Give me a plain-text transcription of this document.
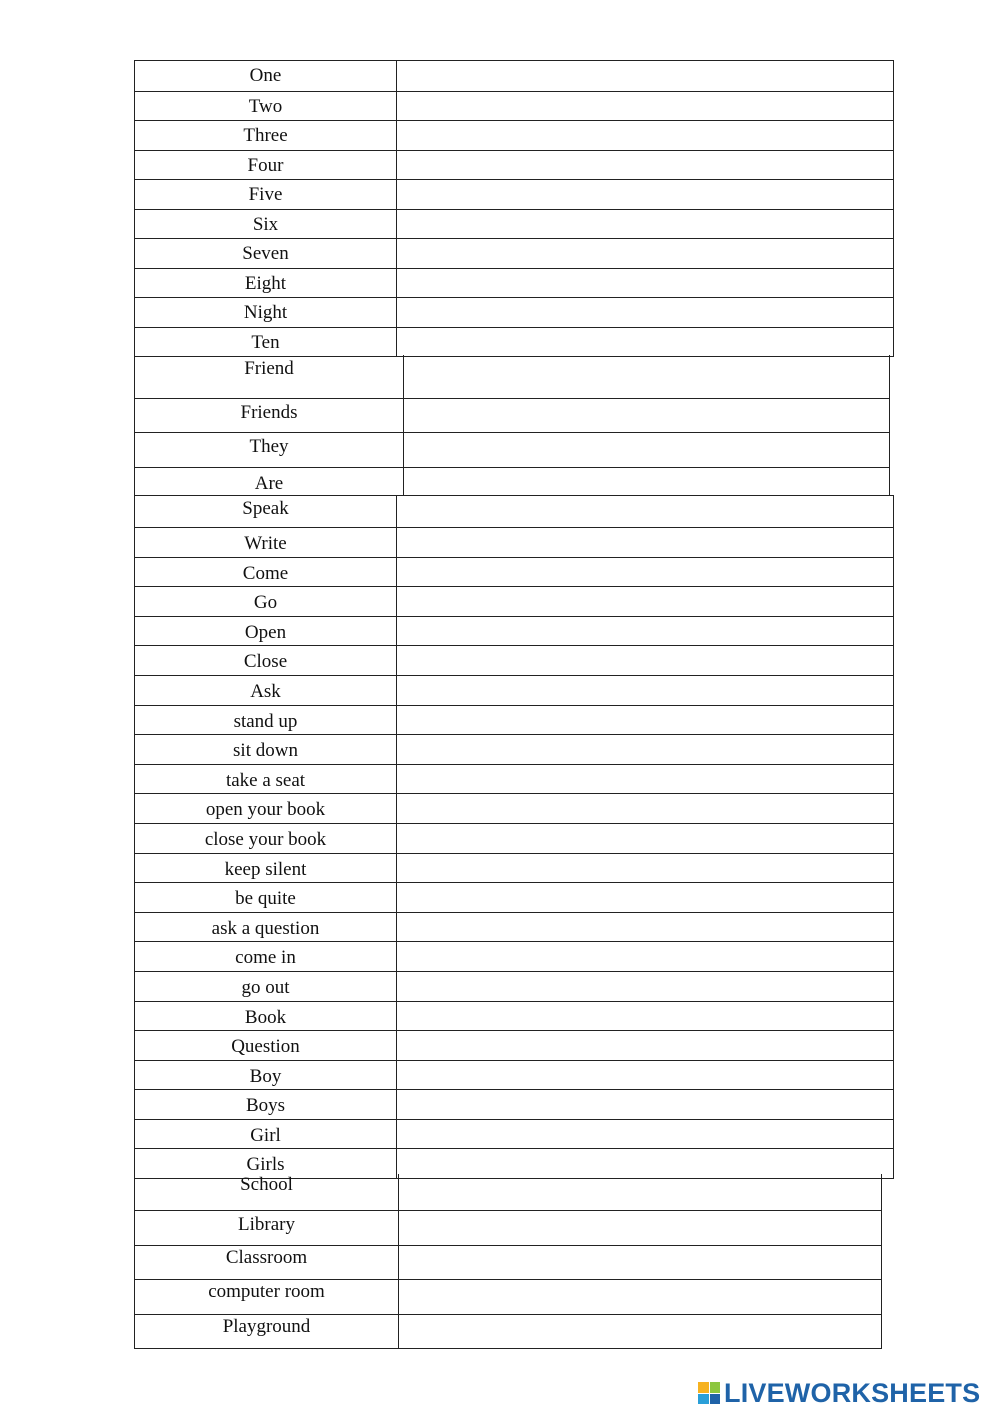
One
Two
Three
Four
Five
Six
Seven
Eight
Night
Ten
Friend
Friends
They
Are
Speak
Write
Come
Go
Open
Close
Ask
stand up
sit down
take a seat
open your book
close your book
keep silent
be quite
ask a question
come in
go out
Book
Question
Boy
Boys
Girl
Girls
School
Library
Classroom
computer room
Playground
LIVEWORKSHEETS
